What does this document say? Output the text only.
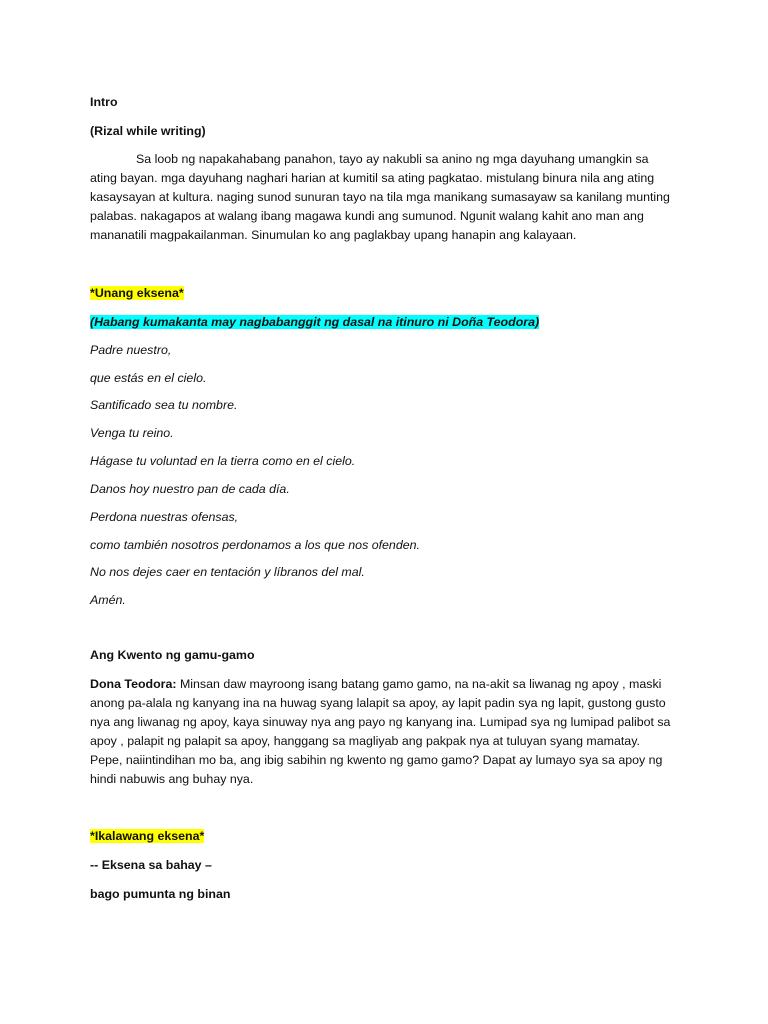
Intro

(Rizal while writing)

Sa loob ng napakahabang panahon, tayo ay nakubli sa anino ng mga dayuhang umangkin sa

ating bayan. mga dayuhang naghari harian at kumitil sa ating pagkatao. mistulang binura nila ang ating

kasaysayan at kultura. naging sunod sunuran tayo na tila mga manikang sumasayaw sa kanilang munting

palabas. nakagapos at walang ibang magawa kundi ang sumunod. Ngunit walang kahit ano man ang

mananatili magpakailanman. Sinumulan ko ang paglakbay upang hanapin ang kalayaan.

*Unang eksena*

(Habang kumakanta may nagbabanggit ng dasal na itinuro ni Doña Teodora)

Padre nuestro,

que estás en el cielo.

Santificado sea tu nombre.

Venga tu reino.

Hágase tu voluntad en la tierra como en el cielo.

Danos hoy nuestro pan de cada día.

Perdona nuestras ofensas,

como también nosotros perdonamos a los que nos ofenden.

No nos dejes caer en tentación y líbranos del mal.

Amén.

Ang Kwento ng gamu-gamo

Dona Teodora: Minsan daw mayroong isang batang gamo gamo, na na-akit sa liwanag ng apoy , maski

anong pa-alala ng kanyang ina na huwag syang lalapit sa apoy, ay lapit padin sya ng lapit, gustong gusto

nya ang liwanag ng apoy, kaya sinuway nya ang payo ng kanyang ina. Lumipad sya ng lumipad palibot sa

apoy , palapit ng palapit sa apoy, hanggang sa magliyab ang pakpak nya at tuluyan syang mamatay.

Pepe, naiintindihan mo ba, ang ibig sabihin ng kwento ng gamo gamo? Dapat ay lumayo sya sa apoy ng

hindi nabuwis ang buhay nya.

*Ikalawang eksena*

-- Eksena sa bahay –

bago pumunta ng binan
